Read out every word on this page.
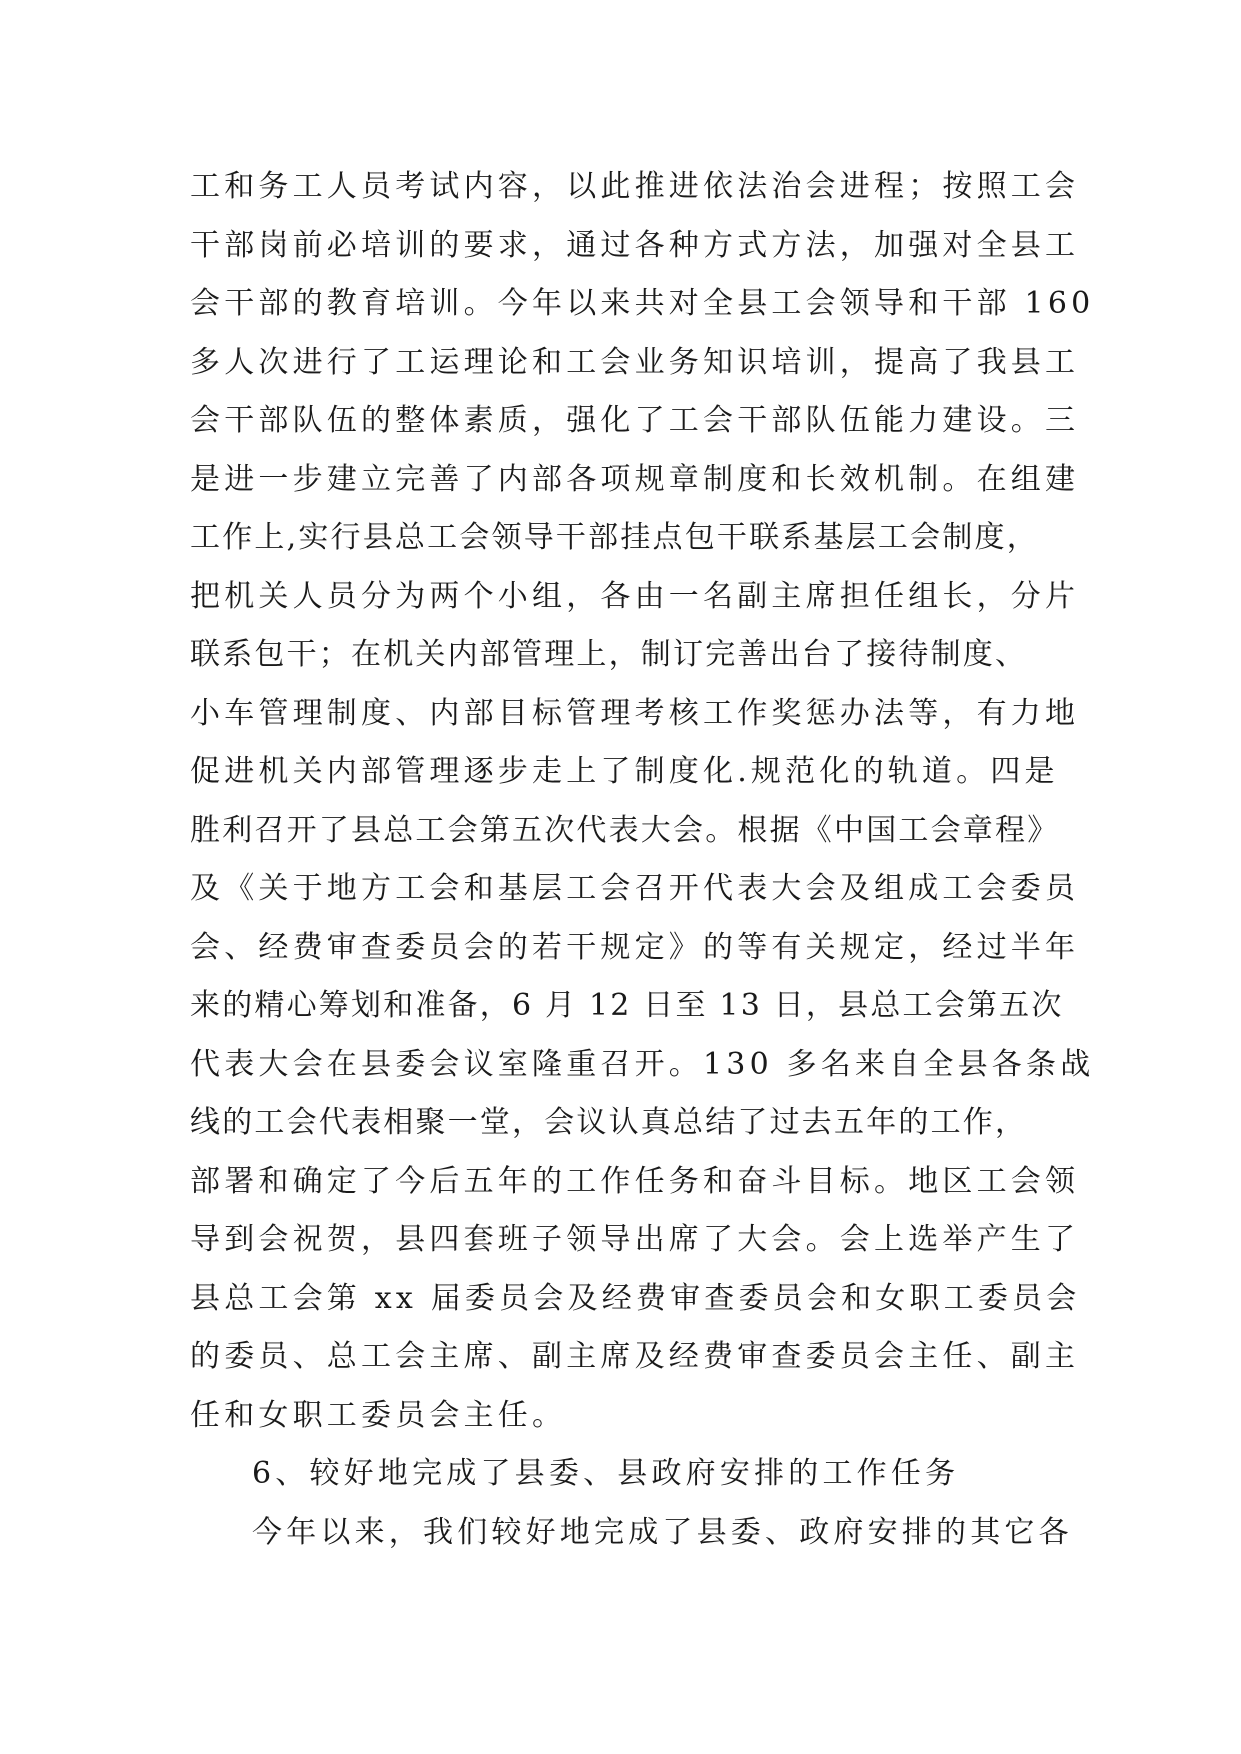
工和务工人员考试内容，以此推进依法治会进程；按照工会
干部岗前必培训的要求，通过各种方式方法，加强对全县工
会干部的教育培训。今年以来共对全县工会领导和干部 160
多人次进行了工运理论和工会业务知识培训，提高了我县工
会干部队伍的整体素质，强化了工会干部队伍能力建设。三
是进一步建立完善了内部各项规章制度和长效机制。在组建
工作上,实行县总工会领导干部挂点包干联系基层工会制度，
把机关人员分为两个小组，各由一名副主席担任组长，分片
联系包干；在机关内部管理上，制订完善出台了接待制度、
小车管理制度、内部目标管理考核工作奖惩办法等，有力地
促进机关内部管理逐步走上了制度化.规范化的轨道。四是
胜利召开了县总工会第五次代表大会。根据《中国工会章程》
及《关于地方工会和基层工会召开代表大会及组成工会委员
会、经费审查委员会的若干规定》的等有关规定，经过半年
来的精心筹划和准备，6 月 12 日至 13 日，县总工会第五次
代表大会在县委会议室隆重召开。130 多名来自全县各条战
线的工会代表相聚一堂，会议认真总结了过去五年的工作，
部署和确定了今后五年的工作任务和奋斗目标。地区工会领
导到会祝贺，县四套班子领导出席了大会。会上选举产生了
县总工会第 xx 届委员会及经费审查委员会和女职工委员会
的委员、总工会主席、副主席及经费审查委员会主任、副主
任和女职工委员会主任。
6、较好地完成了县委、县政府安排的工作任务
今年以来，我们较好地完成了县委、政府安排的其它各
